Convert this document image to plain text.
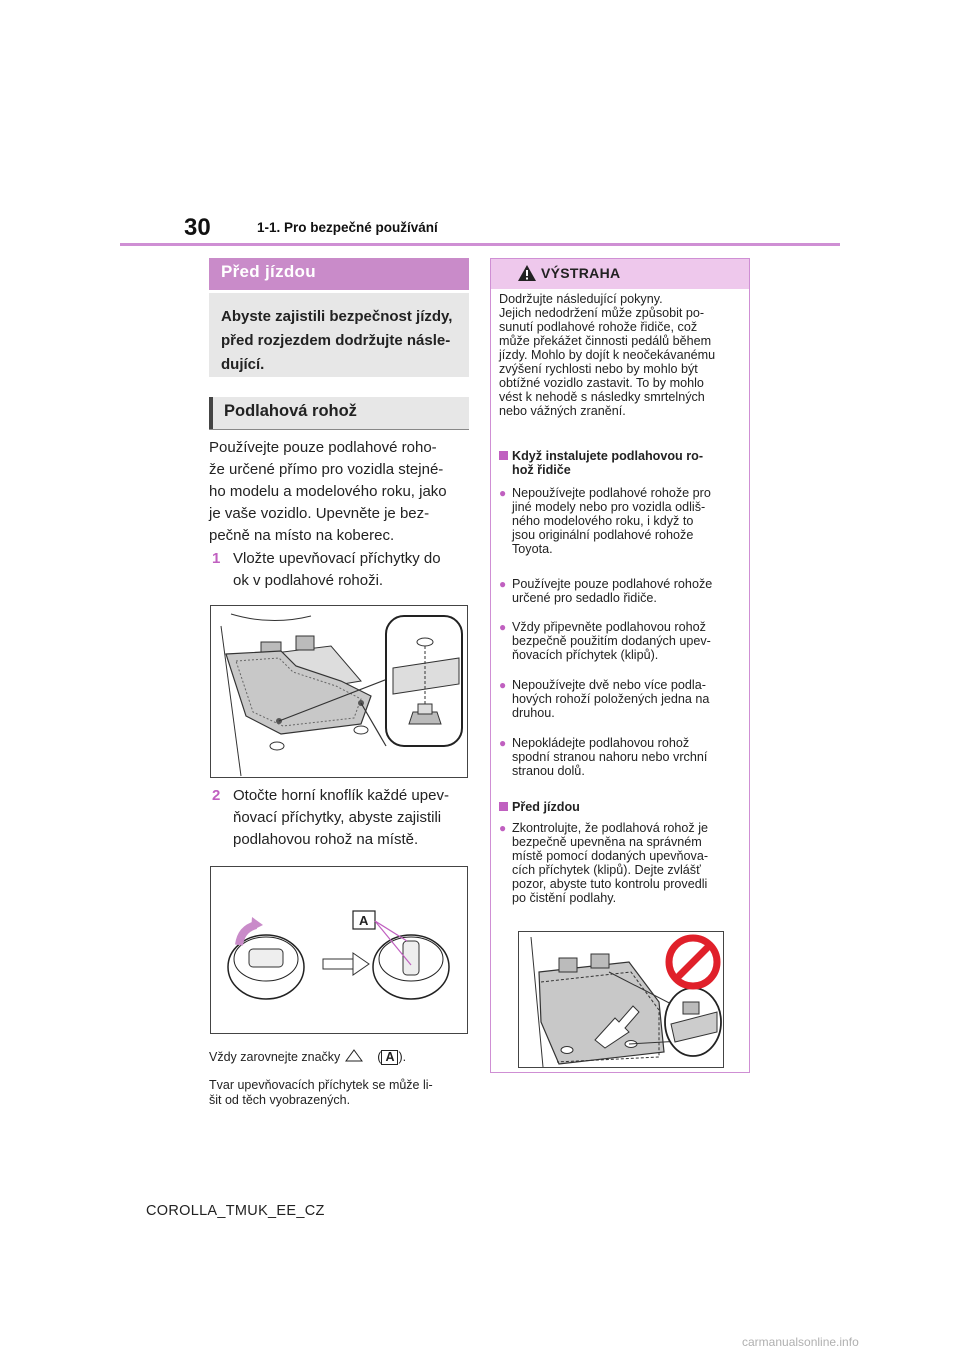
30	1-1. Pro bezpečné používání
Před jízdou
Abyste zajistili bezpečnost jízdy,
před rozjezdem dodržujte násle-
dující.
Podlahová rohož
Používejte pouze podlahové roho-
že určené přímo pro vozidla stejné-
ho modelu a modelového roku, jako
je vaše vozidlo. Upevněte je bez-
pečně na místo na koberec.
1 Vložte upevňovací příchytky do
ok v podlahové rohoži.
2 Otočte horní knoflík každé upev-
ňovací příchytky, abyste zajistili
podlahovou rohož na místě.
A
Vždy zarovnejte značky	( A ).
Tvar upevňovacích příchytek se může li-
šit od těch vyobrazených.
VÝSTRAHA
Dodržujte následující pokyny.
Jejich nedodržení může způsobit po-
sunutí podlahové rohože řidiče, což
může překážet činnosti pedálů během
jízdy. Mohlo by dojít k neočekávanému
zvýšení rychlosti nebo by mohlo být
obtížné vozidlo zastavit. To by mohlo
vést k nehodě s následky smrtelných
nebo vážných zranění.
Když instalujete podlahovou ro-
hož řidiče
● Nepoužívejte podlahové rohože pro
jiné modely nebo pro vozidla odliš-
ného modelového roku, i když to
jsou originální podlahové rohože
Toyota.
● Používejte pouze podlahové rohože
určené pro sedadlo řidiče.
● Vždy připevněte podlahovou rohož
bezpečně použitím dodaných upev-
ňovacích příchytek (klipů).
● Nepoužívejte dvě nebo více podla-
hových rohoží položených jedna na
druhou.
● Nepokládejte podlahovou rohož
spodní stranou nahoru nebo vrchní
stranou dolů.
Před jízdou
● Zkontrolujte, že podlahová rohož je
bezpečně upevněna na správném
místě pomocí dodaných upevňova-
cích příchytek (klipů). Dejte zvlášť
pozor, abyste tuto kontrolu provedli
po čistění podlahy.
COROLLA_TMUK_EE_CZ
carmanualsonline.info
